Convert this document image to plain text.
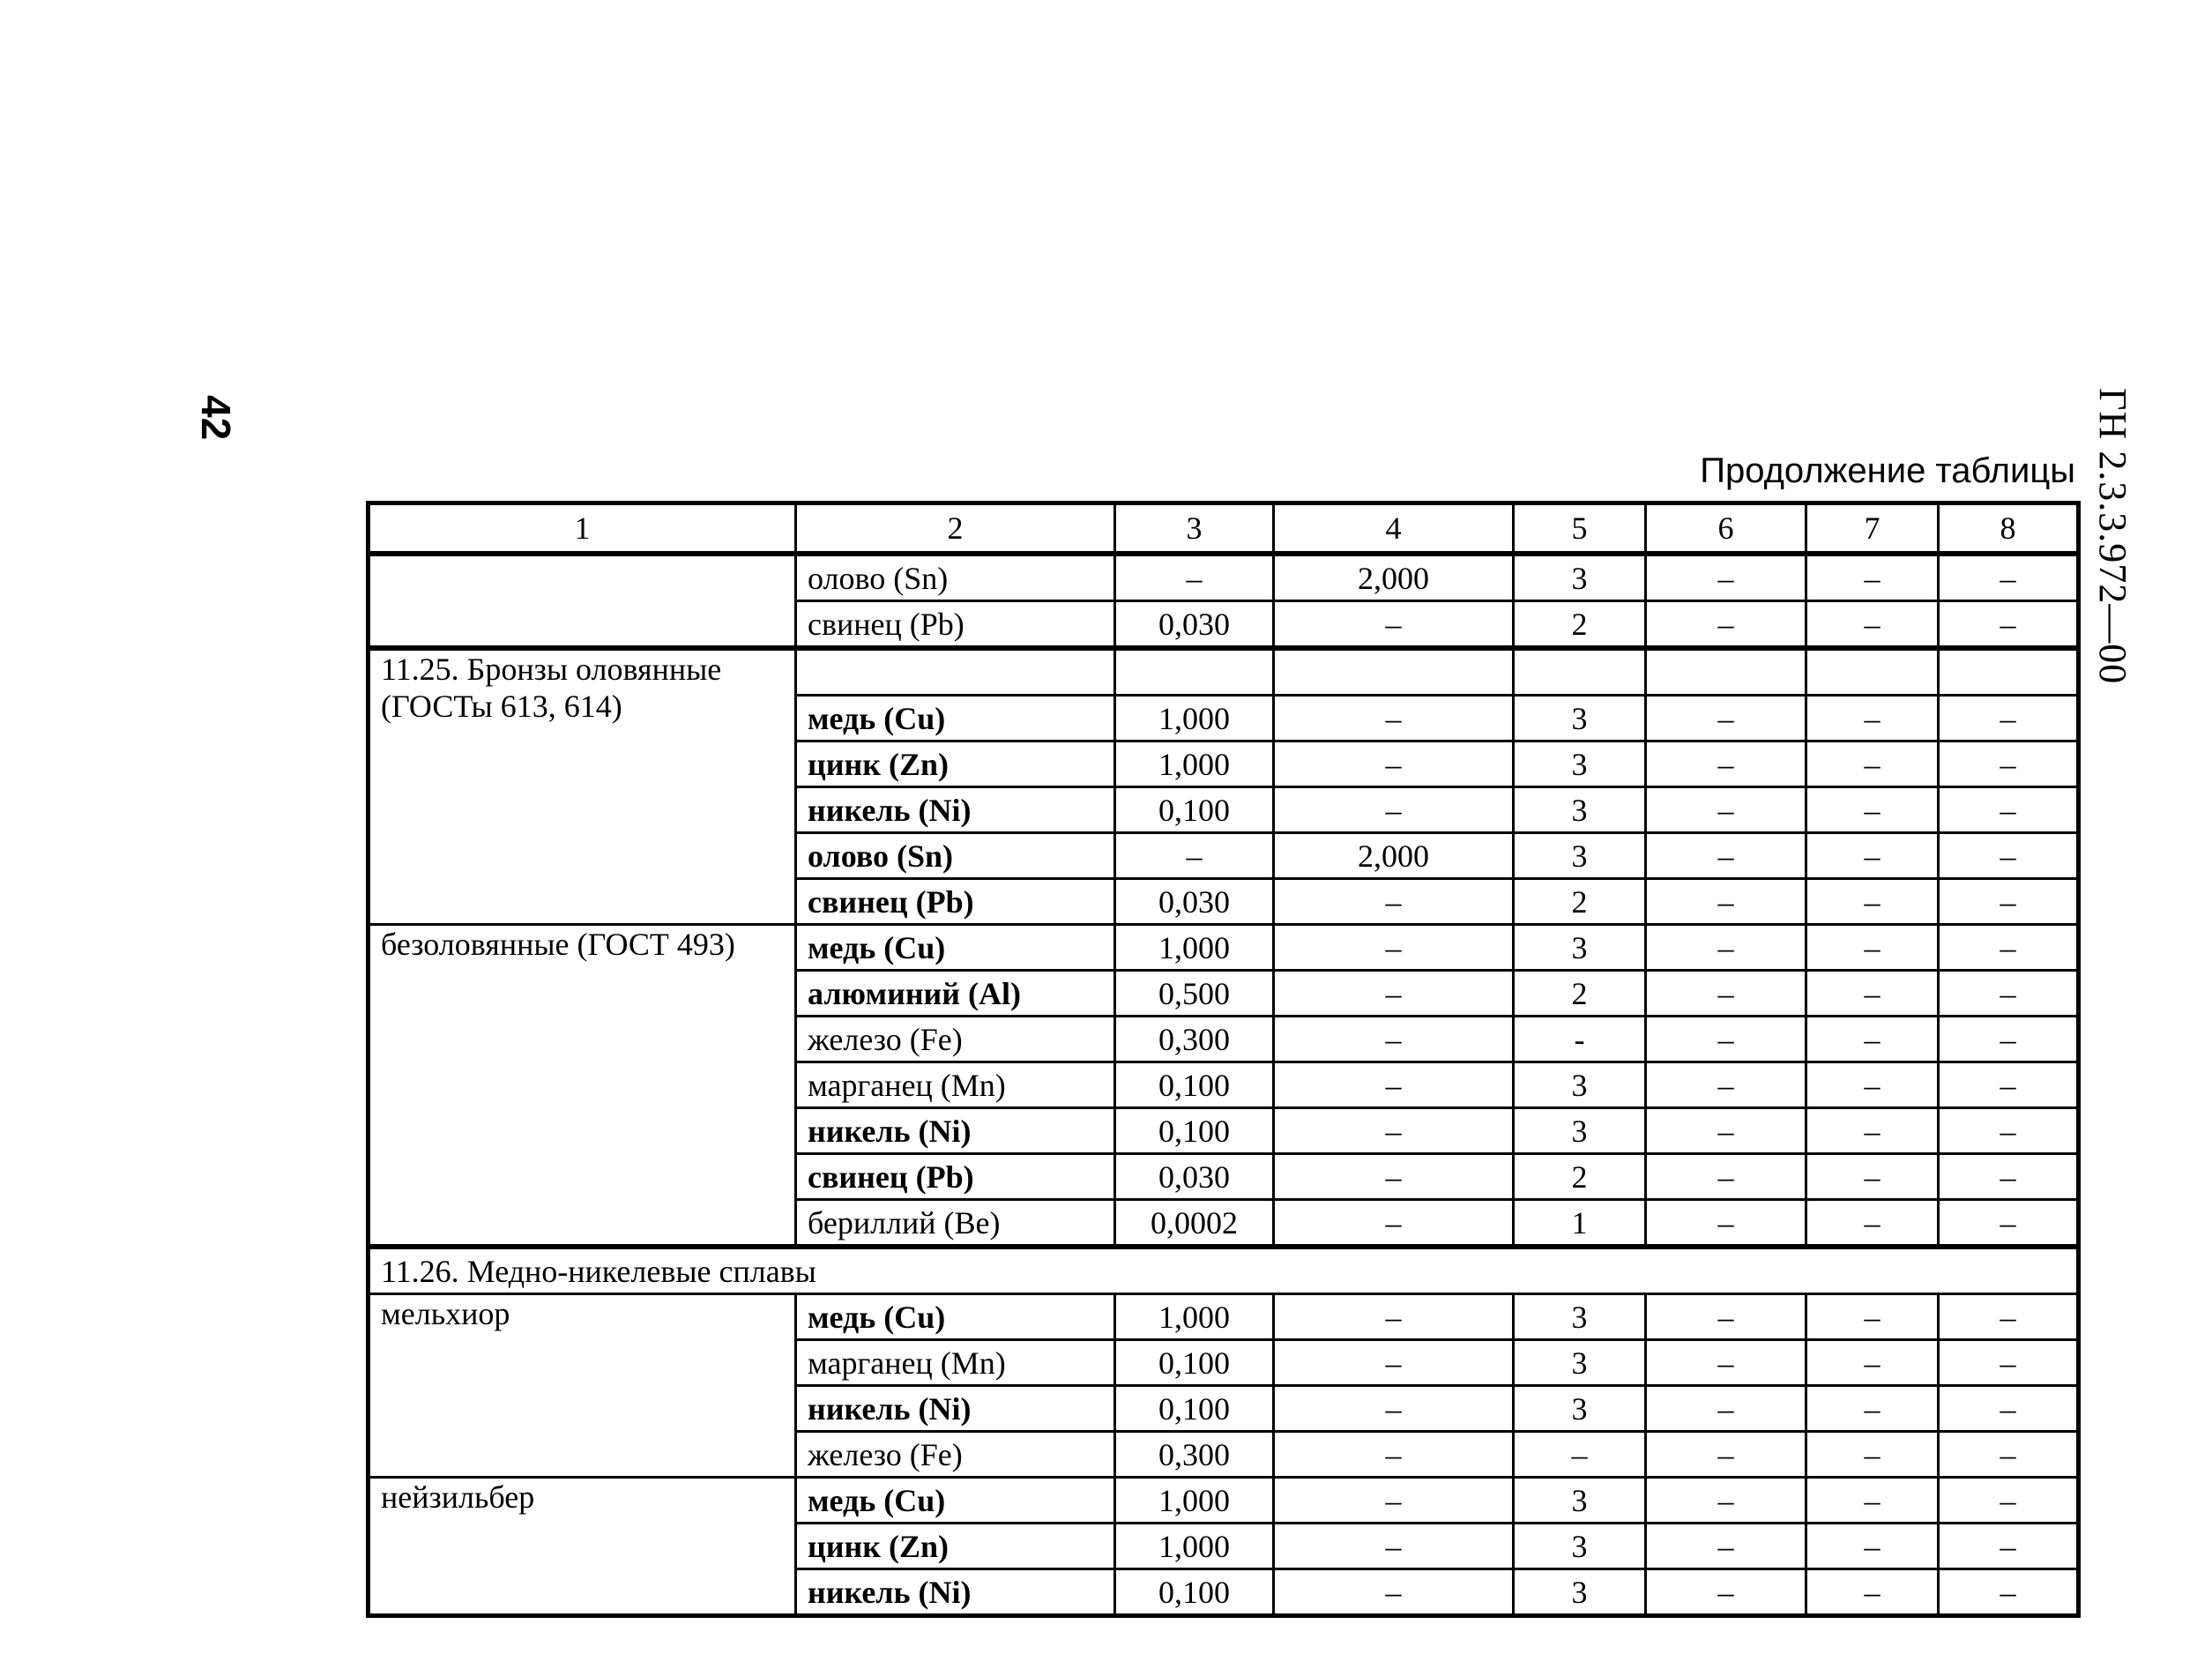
42	ГН 2.3.3.972—00
Продолжение таблицы
1	2	3	4	5	6	7	8
	олово (Sn)	–	2,000	3	–	–	–
	свинец (Pb)	0,030	–	2	–	–	–
11.25. Бронзы оловянные (ГОСТы 613, 614)							
	медь (Cu)	1,000	–	3	–	–	–
	цинк (Zn)	1,000	–	3	–	–	–
	никель (Ni)	0,100	–	3	–	–	–
	олово (Sn)	–	2,000	3	–	–	–
	свинец (Pb)	0,030	–	2	–	–	–
безоловянные (ГОСТ 493)	медь (Cu)	1,000	–	3	–	–	–
	алюминий (Al)	0,500	–	2	–	–	–
	железо (Fe)	0,300	–	-	–	–	–
	марганец (Mn)	0,100	–	3	–	–	–
	никель (Ni)	0,100	–	3	–	–	–
	свинец (Pb)	0,030	–	2	–	–	–
	бериллий (Be)	0,0002	–	1	–	–	–
11.26. Медно-никелевые сплавы							
мельхиор	медь (Cu)	1,000	–	3	–	–	–
	марганец (Mn)	0,100	–	3	–	–	–
	никель (Ni)	0,100	–	3	–	–	–
	железо (Fe)	0,300	–	–	–	–	–
нейзильбер	медь (Cu)	1,000	–	3	–	–	–
	цинк (Zn)	1,000	–	3	–	–	–
	никель (Ni)	0,100	–	3	–	–	–
